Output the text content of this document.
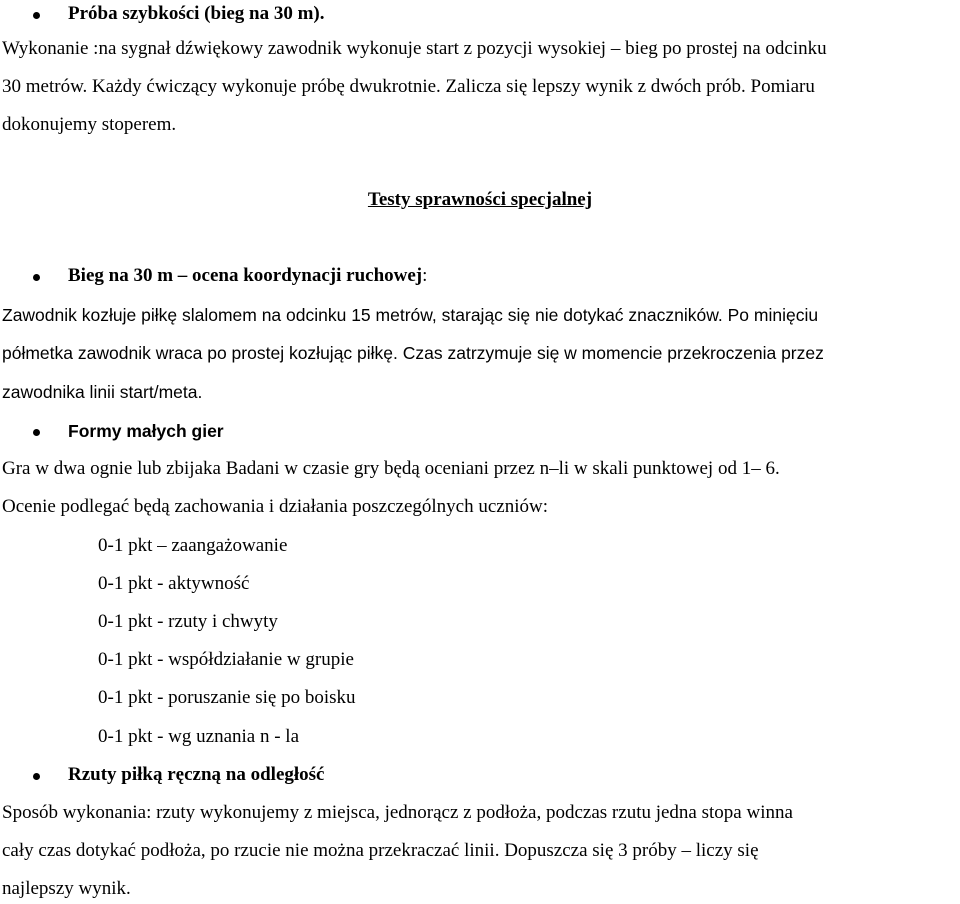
Próba szybkości (bieg na 30 m).
Wykonanie :na sygnał dźwiękowy zawodnik wykonuje start z pozycji wysokiej – bieg po prostej na odcinku
30 metrów. Każdy ćwiczący wykonuje próbę dwukrotnie. Zalicza się lepszy wynik z dwóch prób. Pomiaru
dokonujemy stoperem.
Testy sprawności specjalnej
Bieg na 30 m – ocena koordynacji ruchowej:
Zawodnik kozłuje piłkę slalomem na odcinku 15 metrów, starając się nie dotykać znaczników. Po minięciu
półmetka zawodnik wraca po prostej kozłując piłkę. Czas zatrzymuje się w momencie przekroczenia przez
zawodnika linii start/meta.
Formy małych gier
Gra w dwa ognie lub zbijaka Badani w czasie gry będą oceniani przez n–li w skali punktowej od 1– 6.
Ocenie podlegać będą zachowania i działania poszczególnych uczniów:
0-1 pkt – zaangażowanie
0-1 pkt - aktywność
0-1 pkt - rzuty i chwyty
0-1 pkt - współdziałanie w grupie
0-1 pkt - poruszanie się po boisku
0-1 pkt - wg uznania n - la
Rzuty piłką ręczną na odległość
Sposób wykonania: rzuty wykonujemy z miejsca, jednorącz z podłoża, podczas rzutu jedna stopa winna
cały czas dotykać podłoża, po rzucie nie można przekraczać linii. Dopuszcza się 3 próby – liczy się
najlepszy wynik.
